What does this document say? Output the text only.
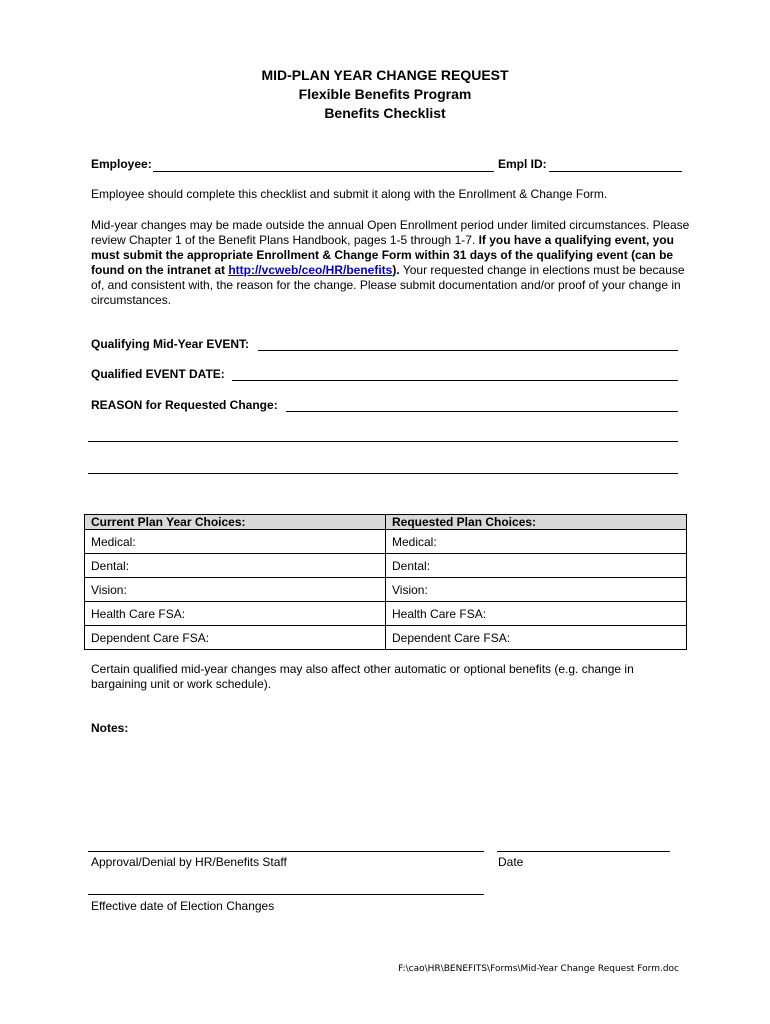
MID-PLAN YEAR CHANGE REQUEST
Flexible Benefits Program
Benefits Checklist
Employee:	Empl ID:
Employee should complete this checklist and submit it along with the Enrollment & Change Form.
Mid-year changes may be made outside the annual Open Enrollment period under limited circumstances. Please review Chapter 1 of the Benefit Plans Handbook, pages 1-5 through 1-7. If you have a qualifying event, you must submit the appropriate Enrollment & Change Form within 31 days of the qualifying event (can be found on the intranet at http://vcweb/ceo/HR/benefits). Your requested change in elections must be because of, and consistent with, the reason for the change. Please submit documentation and/or proof of your change in circumstances.
Qualifying Mid-Year EVENT:
Qualified EVENT DATE:
REASON for Requested Change:
Current Plan Year Choices:	Requested Plan Choices:
Medical:	Medical:
Dental:	Dental:
Vision:	Vision:
Health Care FSA:	Health Care FSA:
Dependent Care FSA:	Dependent Care FSA:
Certain qualified mid-year changes may also affect other automatic or optional benefits (e.g. change in bargaining unit or work schedule).
Notes:
Approval/Denial by HR/Benefits Staff	Date
Effective date of Election Changes
F:\cao\HR\BENEFITS\Forms\Mid-Year Change Request Form.doc
